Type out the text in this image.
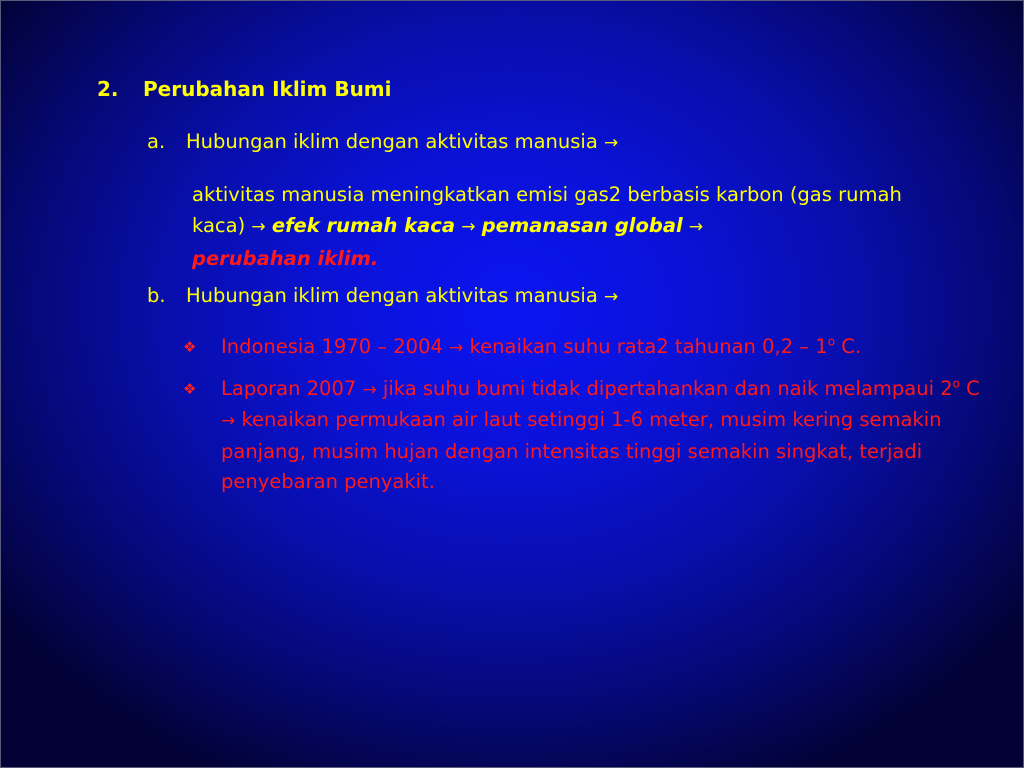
2.	Perubahan Iklim Bumi
a.	Hubungan iklim dengan aktivitas manusia →
aktivitas manusia meningkatkan emisi gas2 berbasis karbon (gas rumah kaca) → efek rumah kaca → pemanasan global →
perubahan iklim.
b.	Hubungan iklim dengan aktivitas manusia →
❖	Indonesia 1970 – 2004 → kenaikan suhu rata2 tahunan 0,2 – 1$^o$ C.
❖	Laporan 2007 → jika suhu bumi tidak dipertahankan dan naik melampaui 2$^o$ C → kenaikan permukaan air laut setinggi 1-6 meter, musim kering semakin panjang, musim hujan dengan intensitas tinggi semakin singkat, terjadi penyebaran penyakit.
